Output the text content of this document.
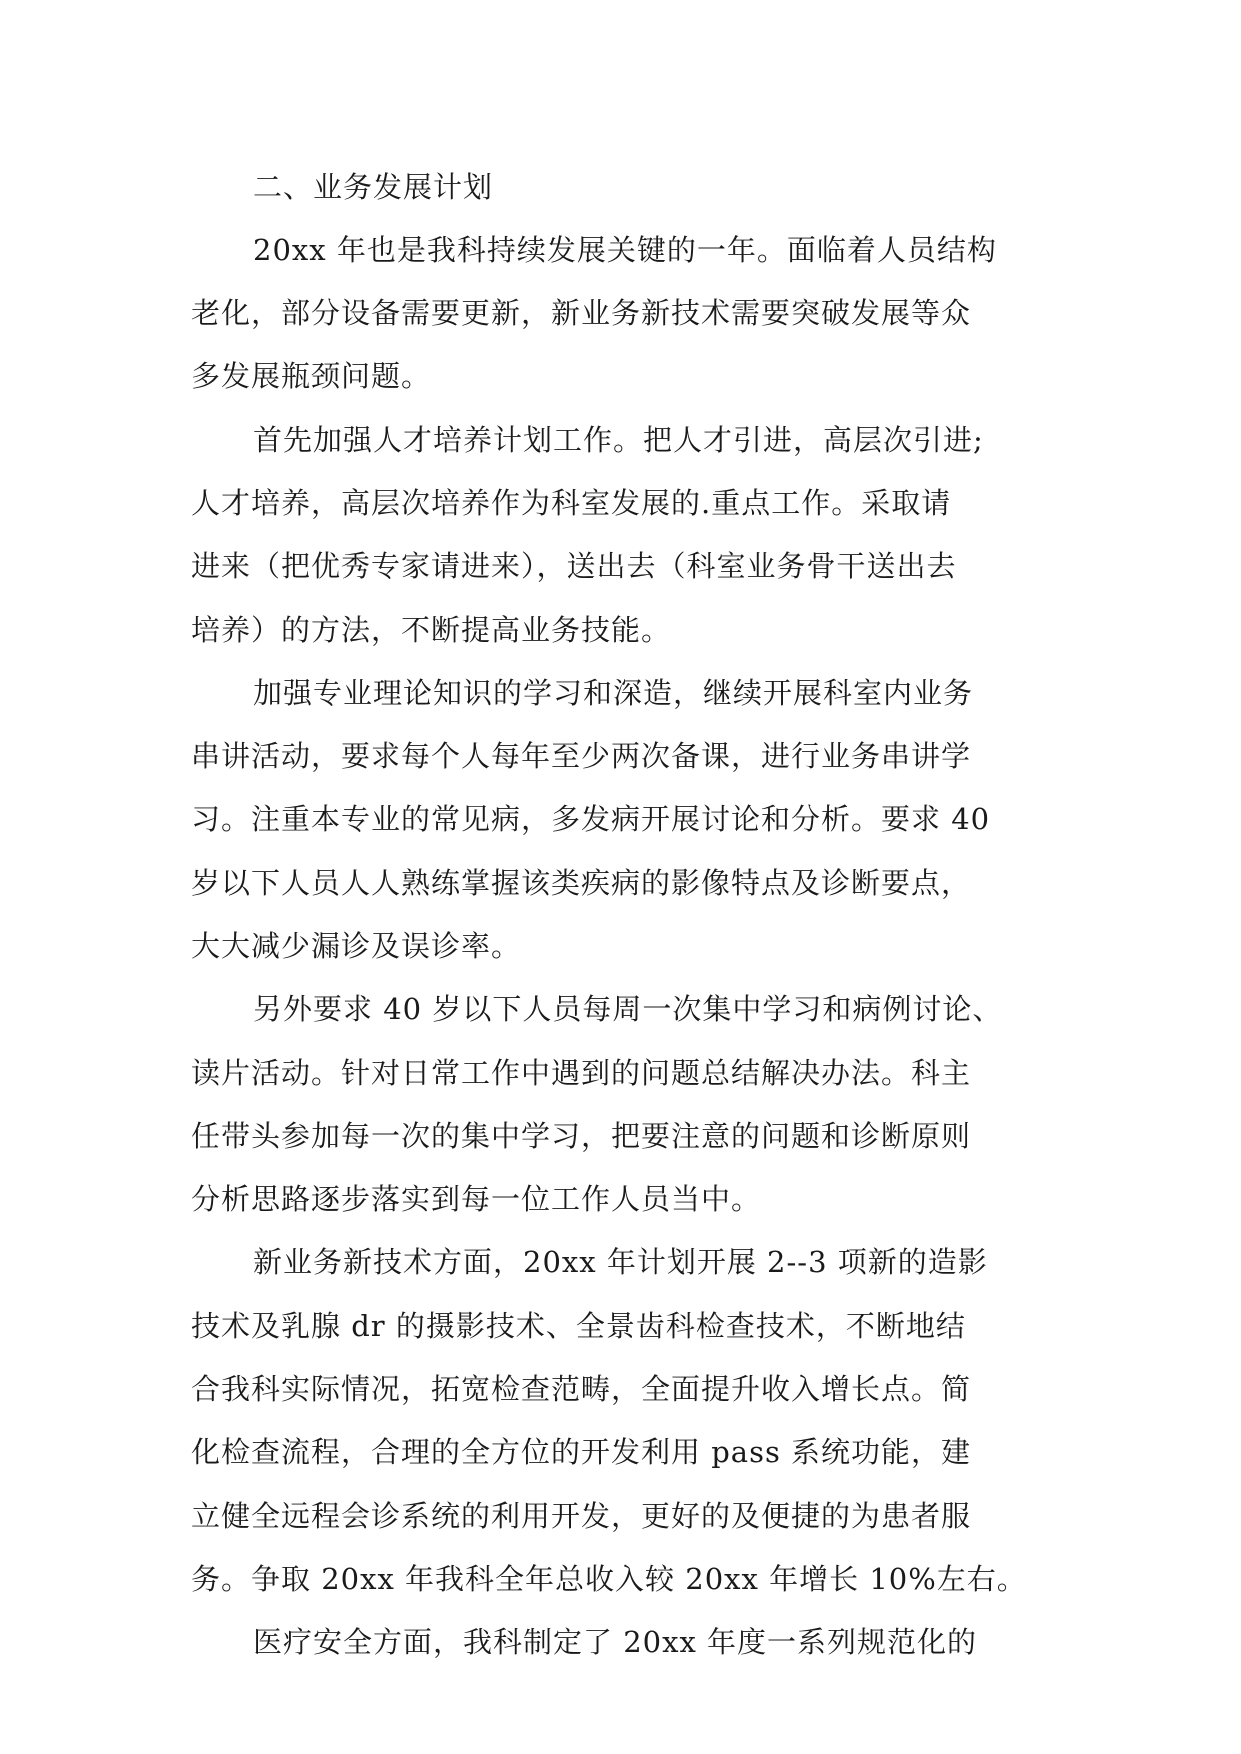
二、业务发展计划
20xx 年也是我科持续发展关键的一年。面临着人员结构
老化，部分设备需要更新，新业务新技术需要突破发展等众
多发展瓶颈问题。
首先加强人才培养计划工作。把人才引进，高层次引进;
人才培养，高层次培养作为科室发展的.重点工作。采取请
进来（把优秀专家请进来），送出去（科室业务骨干送出去
培养）的方法，不断提高业务技能。
加强专业理论知识的学习和深造，继续开展科室内业务
串讲活动，要求每个人每年至少两次备课，进行业务串讲学
习。注重本专业的常见病，多发病开展讨论和分析。要求 40
岁以下人员人人熟练掌握该类疾病的影像特点及诊断要点，
大大减少漏诊及误诊率。
另外要求 40 岁以下人员每周一次集中学习和病例讨论、
读片活动。针对日常工作中遇到的问题总结解决办法。科主
任带头参加每一次的集中学习，把要注意的问题和诊断原则
分析思路逐步落实到每一位工作人员当中。
新业务新技术方面，20xx 年计划开展 2--3 项新的造影
技术及乳腺 dr 的摄影技术、全景齿科检查技术，不断地结
合我科实际情况，拓宽检查范畴，全面提升收入增长点。简
化检查流程，合理的全方位的开发利用 pass 系统功能，建
立健全远程会诊系统的利用开发，更好的及便捷的为患者服
务。争取 20xx 年我科全年总收入较 20xx 年增长 10%左右。
医疗安全方面，我科制定了 20xx 年度一系列规范化的
